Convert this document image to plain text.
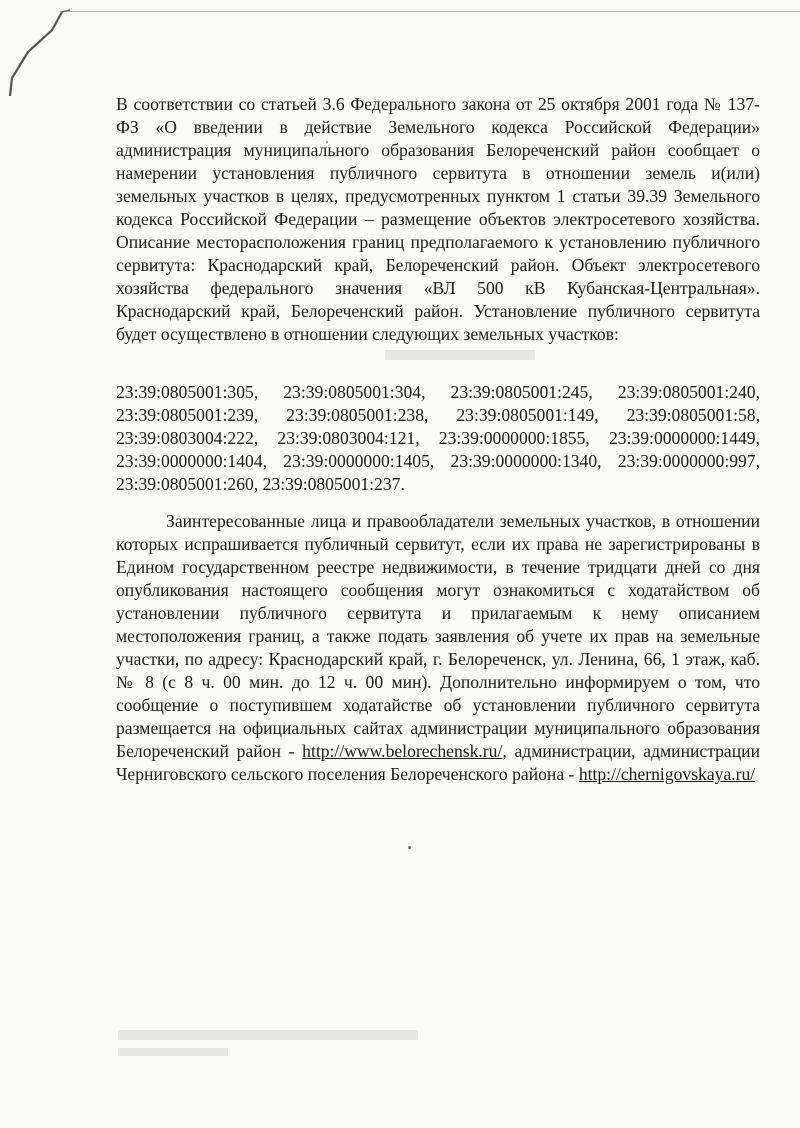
В соответствии со статьей 3.6 Федерального закона от 25 октября 2001 года № 137-ФЗ «О введении в действие Земельного кодекса Российской Федерации» администрация муниципального образования Белореченский район сообщает о намерении установления публичного сервитута в отношении земель и(или) земельных участков в целях, предусмотренных пунктом 1 статьи 39.39 Земельного кодекса Российской Федерации – размещение объектов электросетевого хозяйства. Описание месторасположения границ предполагаемого к установлению публичного сервитута: Краснодарский край, Белореченский район. Объект электросетевого хозяйства федерального значения «ВЛ 500 кВ Кубанская-Центральная». Краснодарский край, Белореченский район. Установление публичного сервитута будет осуществлено в отношении следующих земельных участков:

23:39:0805001:305, 23:39:0805001:304, 23:39:0805001:245, 23:39:0805001:240, 23:39:0805001:239, 23:39:0805001:238, 23:39:0805001:149, 23:39:0805001:58, 23:39:0803004:222, 23:39:0803004:121, 23:39:0000000:1855, 23:39:0000000:1449, 23:39:0000000:1404, 23:39:0000000:1405, 23:39:0000000:1340, 23:39:0000000:997, 23:39:0805001:260, 23:39:0805001:237.

Заинтересованные лица и правообладатели земельных участков, в отношении которых испрашивается публичный сервитут, если их права не зарегистрированы в Едином государственном реестре недвижимости, в течение тридцати дней со дня опубликования настоящего сообщения могут ознакомиться с ходатайством об установлении публичного сервитута и прилагаемым к нему описанием местоположения границ, а также подать заявления об учете их прав на земельные участки, по адресу: Краснодарский край, г. Белореченск, ул. Ленина, 66, 1 этаж, каб. № 8 (с 8 ч. 00 мин. до 12 ч. 00 мин). Дополнительно информируем о том, что сообщение о поступившем ходатайстве об установлении публичного сервитута размещается на официальных сайтах администрации муниципального образования Белореченский район - http://www.belorechensk.ru/, администрации, администрации Черниговского сельского поселения Белореченского района - http://chernigovskaya.ru/
